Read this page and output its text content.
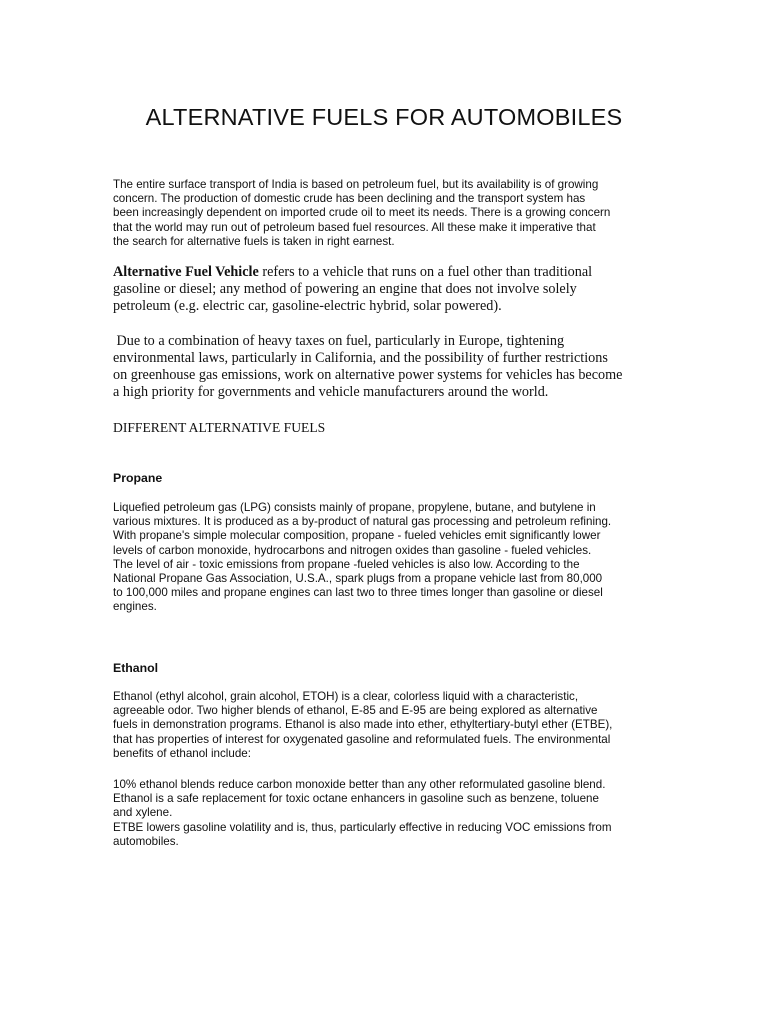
ALTERNATIVE FUELS FOR AUTOMOBILES
The entire surface transport of India is based on petroleum fuel, but its availability is of growing
concern. The production of domestic crude has been declining and the transport system has
been increasingly dependent on imported crude oil to meet its needs. There is a growing concern
that the world may run out of petroleum based fuel resources. All these make it imperative that
the search for alternative fuels is taken in right earnest.
Alternative Fuel Vehicle refers to a vehicle that runs on a fuel other than traditional
gasoline or diesel; any method of powering an engine that does not involve solely
petroleum (e.g. electric car, gasoline-electric hybrid, solar powered).
Due to a combination of heavy taxes on fuel, particularly in Europe, tightening
environmental laws, particularly in California, and the possibility of further restrictions
on greenhouse gas emissions, work on alternative power systems for vehicles has become
a high priority for governments and vehicle manufacturers around the world.
DIFFERENT ALTERNATIVE FUELS
Propane
Liquefied petroleum gas (LPG) consists mainly of propane, propylene, butane, and butylene in
various mixtures. It is produced as a by-product of natural gas processing and petroleum refining.
With propane's simple molecular composition, propane - fueled vehicles emit significantly lower
levels of carbon monoxide, hydrocarbons and nitrogen oxides than gasoline - fueled vehicles.
The level of air - toxic emissions from propane -fueled vehicles is also low. According to the
National Propane Gas Association, U.S.A., spark plugs from a propane vehicle last from 80,000
to 100,000 miles and propane engines can last two to three times longer than gasoline or diesel
engines.
Ethanol
Ethanol (ethyl alcohol, grain alcohol, ETOH) is a clear, colorless liquid with a characteristic,
agreeable odor. Two higher blends of ethanol, E-85 and E-95 are being explored as alternative
fuels in demonstration programs. Ethanol is also made into ether, ethyltertiary-butyl ether (ETBE),
that has properties of interest for oxygenated gasoline and reformulated fuels. The environmental
benefits of ethanol include:
10% ethanol blends reduce carbon monoxide better than any other reformulated gasoline blend.
Ethanol is a safe replacement for toxic octane enhancers in gasoline such as benzene, toluene
and xylene.
ETBE lowers gasoline volatility and is, thus, particularly effective in reducing VOC emissions from
automobiles.
